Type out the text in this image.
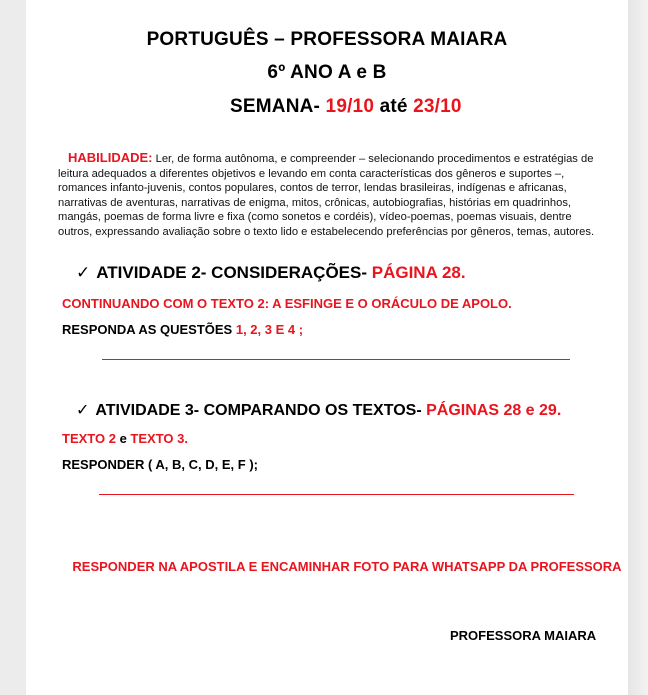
PORTUGUÊS – PROFESSORA MAIARA
6º ANO A e B
SEMANA- 19/10 até 23/10
HABILIDADE: Ler, de forma autônoma, e compreender – selecionando procedimentos e estratégias de leitura adequados a diferentes objetivos e levando em conta características dos gêneros e suportes –, romances infanto-juvenis, contos populares, contos de terror, lendas brasileiras, indígenas e africanas, narrativas de aventuras, narrativas de enigma, mitos, crônicas, autobiografias, histórias em quadrinhos, mangás, poemas de forma livre e fixa (como sonetos e cordéis), vídeo-poemas, poemas visuais, dentre outros, expressando avaliação sobre o texto lido e estabelecendo preferências por gêneros, temas, autores.
✓ ATIVIDADE 2- CONSIDERAÇÕES- PÁGINA 28.
CONTINUANDO COM O TEXTO 2: A ESFINGE E O ORÁCULO DE APOLO.
RESPONDA AS QUESTÕES 1, 2, 3 E 4 ;
✓ ATIVIDADE 3- COMPARANDO OS TEXTOS- PÁGINAS 28 e 29.
TEXTO 2 e TEXTO 3.
RESPONDER ( A, B, C, D, E, F );
RESPONDER NA APOSTILA E ENCAMINHAR FOTO PARA WHATSAPP DA PROFESSORA
PROFESSORA MAIARA
